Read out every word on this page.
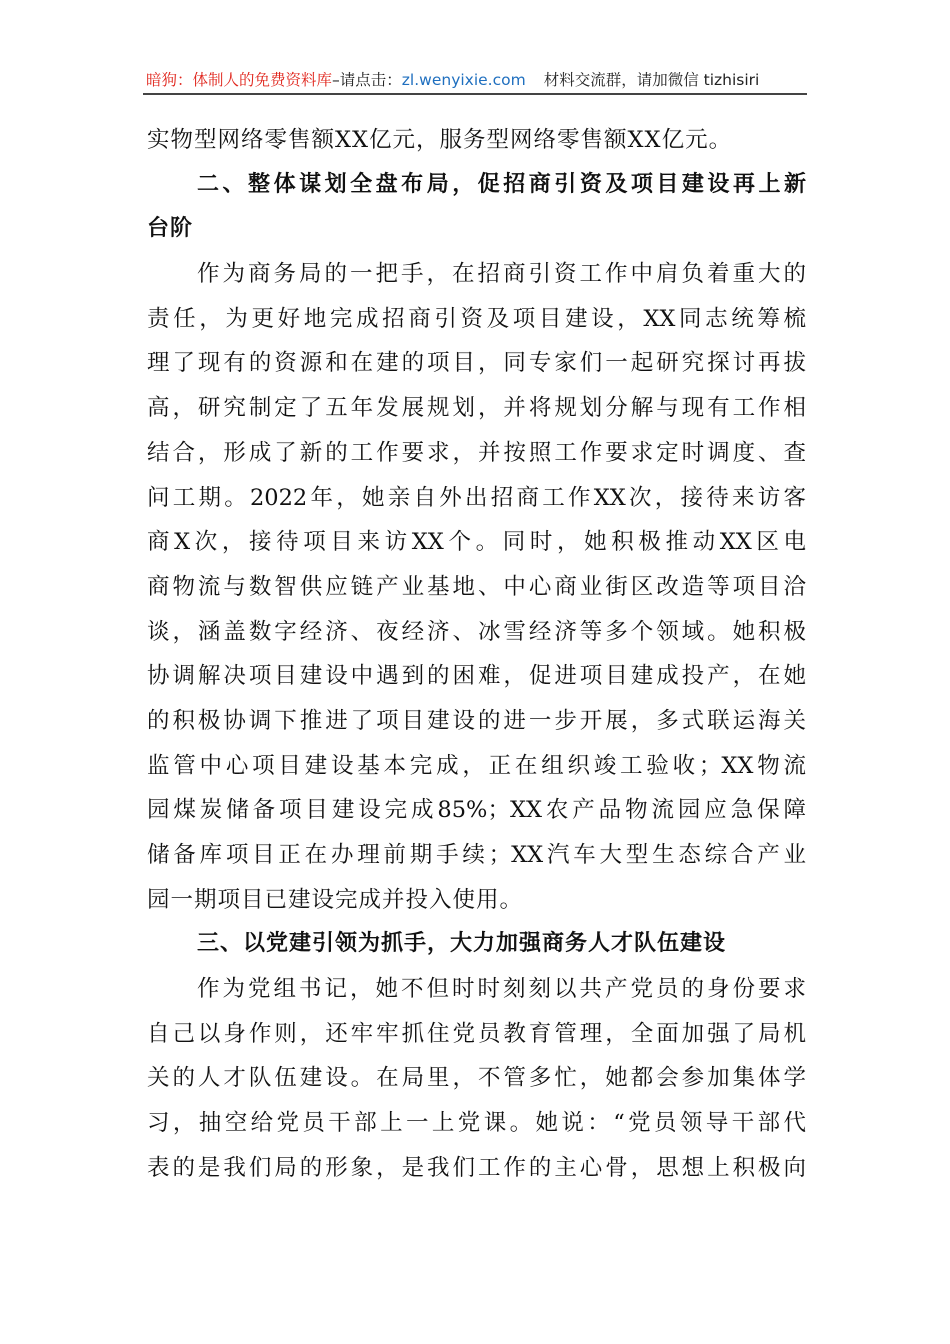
暗狗：体制人的免费资料库–请点击：zl.wenyixie.com 材料交流群，请加微信 tizhisiri
实物型网络零售额XX亿元，服务型网络零售额XX亿元。
二、整体谋划全盘布局，促招商引资及项目建设再上新
台阶
作为商务局的一把手，在招商引资工作中肩负着重大的
责任，为更好地完成招商引资及项目建设，XX同志统筹梳
理了现有的资源和在建的项目，同专家们一起研究探讨再拔
高，研究制定了五年发展规划，并将规划分解与现有工作相
结合，形成了新的工作要求，并按照工作要求定时调度、查
问工期。2022年，她亲自外出招商工作XX次，接待来访客
商X次，接待项目来访XX个。同时，她积极推动XX区电
商物流与数智供应链产业基地、中心商业街区改造等项目洽
谈，涵盖数字经济、夜经济、冰雪经济等多个领域。她积极
协调解决项目建设中遇到的困难，促进项目建成投产，在她
的积极协调下推进了项目建设的进一步开展，多式联运海关
监管中心项目建设基本完成，正在组织竣工验收；XX物流
园煤炭储备项目建设完成85%；XX农产品物流园应急保障
储备库项目正在办理前期手续；XX汽车大型生态综合产业
园一期项目已建设完成并投入使用。
三、以党建引领为抓手，大力加强商务人才队伍建设
作为党组书记，她不但时时刻刻以共产党员的身份要求
自己以身作则，还牢牢抓住党员教育管理，全面加强了局机
关的人才队伍建设。在局里，不管多忙，她都会参加集体学
习，抽空给党员干部上一上党课。她说：“党员领导干部代
表的是我们局的形象，是我们工作的主心骨，思想上积极向
